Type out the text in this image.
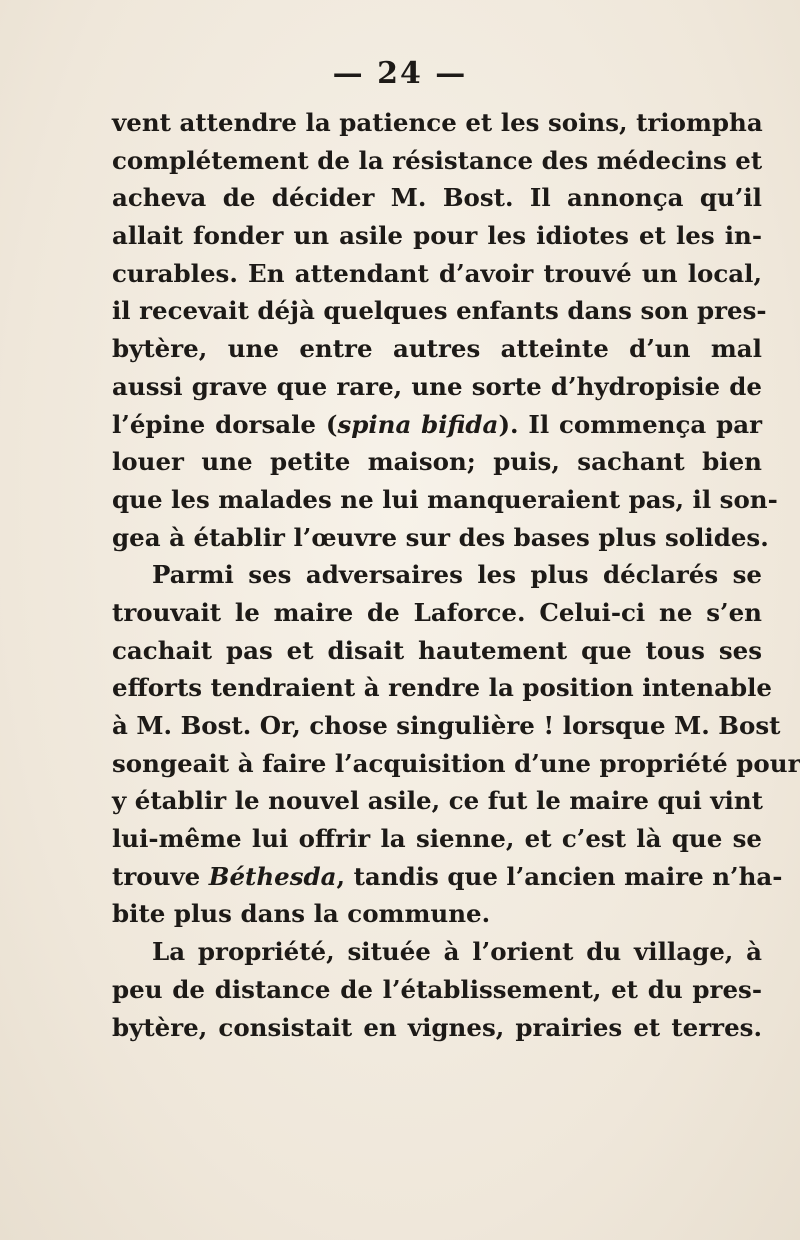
— 24 —
vent attendre la patience et les soins, triompha
complétement de la résistance des médecins et
acheva de décider M. Bost. Il annonça qu’il
allait fonder un asile pour les idiotes et les in-
curables. En attendant d’avoir trouvé un local,
il recevait déjà quelques enfants dans son pres-
bytère, une entre autres atteinte d’un mal
aussi grave que rare, une sorte d’hydropisie de
l’épine dorsale (spina bifida). Il commença par
louer une petite maison; puis, sachant bien
que les malades ne lui manqueraient pas, il son-
gea à établir l’œuvre sur des bases plus solides.
Parmi ses adversaires les plus déclarés se
trouvait le maire de Laforce. Celui-ci ne s’en
cachait pas et disait hautement que tous ses
efforts tendraient à rendre la position intenable
à M. Bost. Or, chose singulière ! lorsque M. Bost
songeait à faire l’acquisition d’une propriété pour
y établir le nouvel asile, ce fut le maire qui vint
lui-même lui offrir la sienne, et c’est là que se
trouve Béthesda, tandis que l’ancien maire n’ha-
bite plus dans la commune.
La propriété, située à l’orient du village, à
peu de distance de l’établissement, et du pres-
bytère, consistait en vignes, prairies et terres.
